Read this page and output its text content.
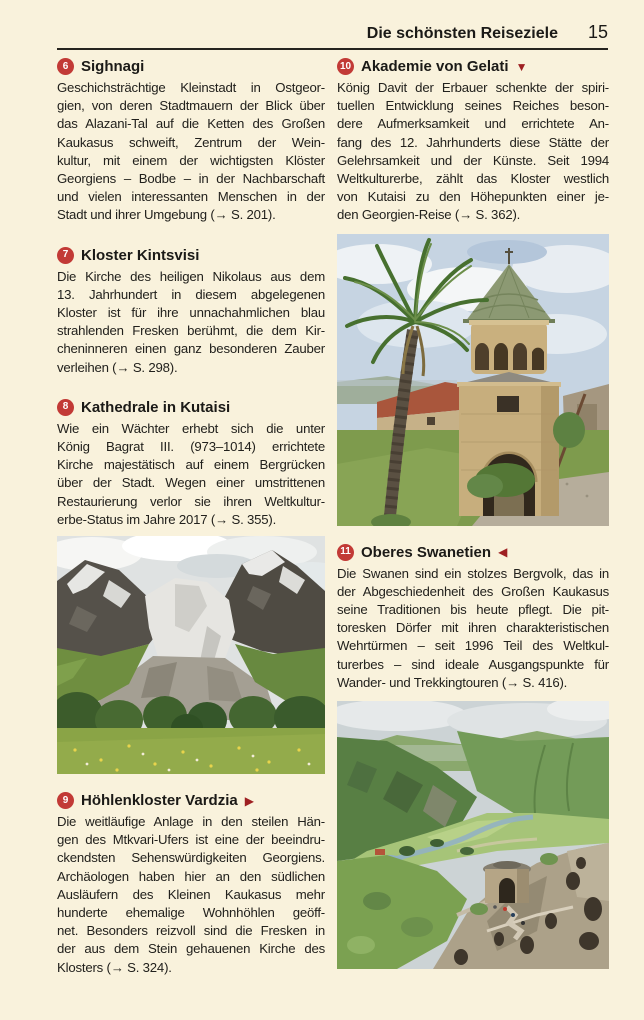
Die schönsten Reiseziele 15
6 Sighnagi
Geschichsträchtige Kleinstadt in Ostgeor-
gien, von deren Stadtmauern der Blick über
das Alazani-Tal auf die Ketten des Großen
Kaukasus schweift, Zentrum der Wein-
kultur, mit einem der wichtigsten Klöster
Georgiens – Bodbe – in der Nachbarschaft
und vielen interessanten Menschen in der
Stadt und ihrer Umgebung (→ S. 201).
7 Kloster Kintsvisi
Die Kirche des heiligen Nikolaus aus dem
13. Jahrhundert in diesem abgelegenen
Kloster ist für ihre unnachahmlichen blau
strahlenden Fresken berühmt, die dem Kir-
cheninneren einen ganz besonderen Zauber
verleihen (→ S. 298).
8 Kathedrale in Kutaisi
Wie ein Wächter erhebt sich die unter
König Bagrat III. (973–1014) errichtete
Kirche majestätisch auf einem Bergrücken
über der Stadt. Wegen einer umstrittenen
Restaurierung verlor sie ihren Weltkultur-
erbe-Status im Jahre 2017 (→ S. 355).
9 Höhlenkloster Vardzia ▶
Die weitläufige Anlage in den steilen Hän-
gen des Mtkvari-Ufers ist eine der beeindru-
ckendsten Sehenswürdigkeiten Georgiens.
Archäologen haben hier an den südlichen
Ausläufern des Kleinen Kaukasus mehr
hunderte ehemalige Wohnhöhlen geöff-
net. Besonders reizvoll sind die Fresken in
der aus dem Stein gehauenen Kirche des
Klosters (→ S. 324).
10 Akademie von Gelati ▼
König Davit der Erbauer schenkte der spiri-
tuellen Entwicklung seines Reiches beson-
dere Aufmerksamkeit und errichtete An-
fang des 12. Jahrhunderts diese Stätte der
Gelehrsamkeit und der Künste. Seit 1994
Weltkulturerbe, zählt das Kloster westlich
von Kutaisi zu den Höhepunkten einer je-
den Georgien-Reise (→ S. 362).
11 Oberes Swanetien ◀
Die Swanen sind ein stolzes Bergvolk, das in
der Abgeschiedenheit des Großen Kaukasus
seine Traditionen bis heute pflegt. Die pit-
toresken Dörfer mit ihren charakteristischen
Wehrtürmen – seit 1996 Teil des Weltkul-
turerbes – sind ideale Ausgangspunkte für
Wander- und Trekkingtouren (→ S. 416).
